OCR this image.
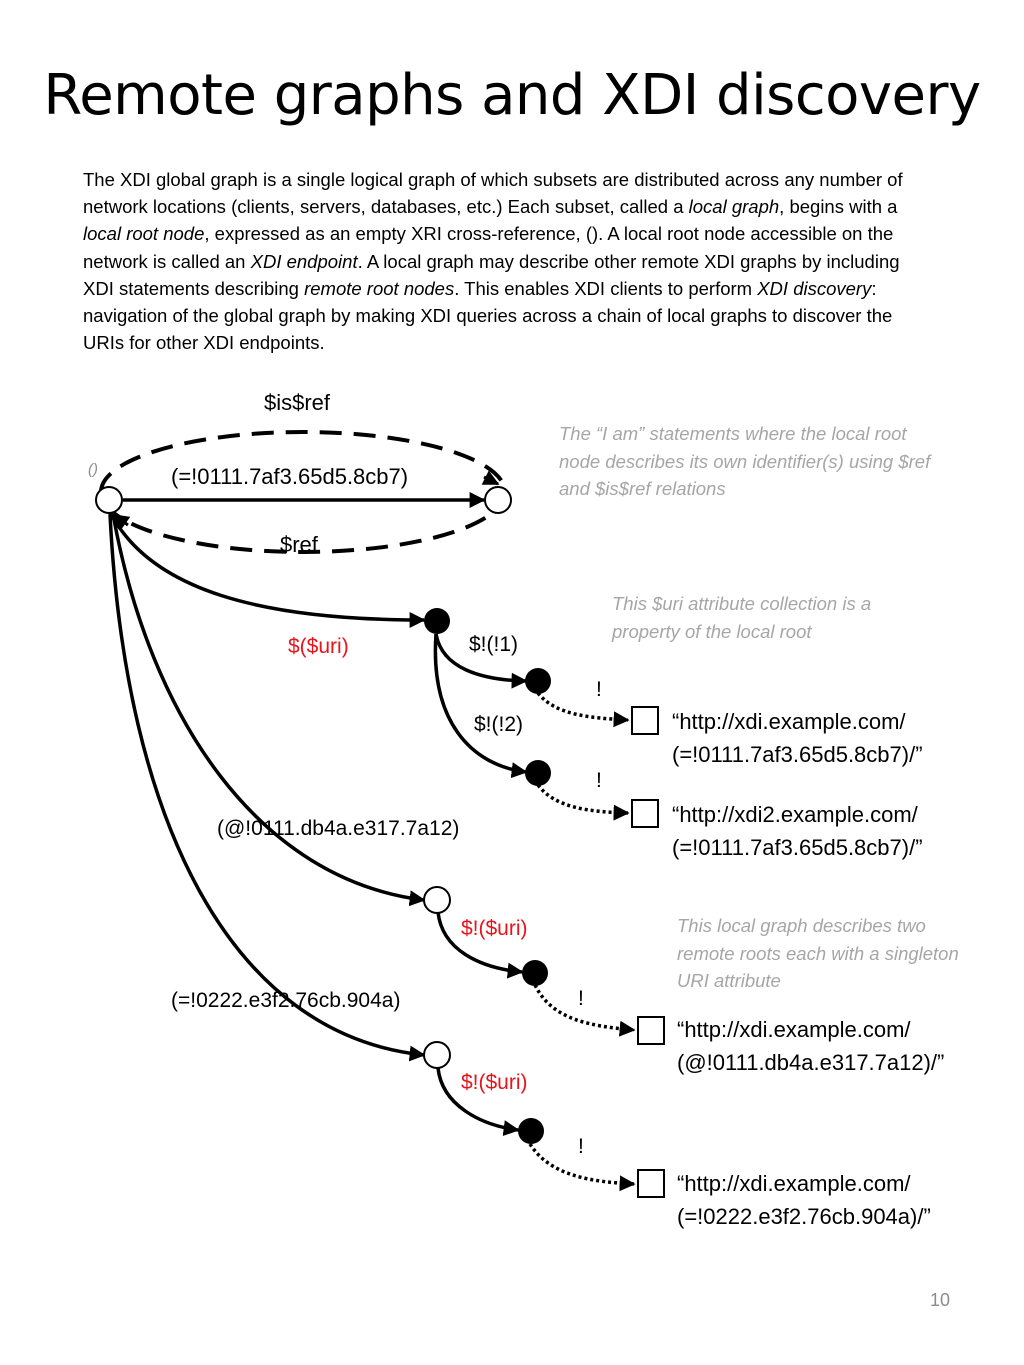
Remote graphs and XDI discovery
The XDI global graph is a single logical graph of which subsets are distributed across any number of network locations (clients, servers, databases, etc.) Each subset, called a local graph, begins with a local root node, expressed as an empty XRI cross-reference, (). A local root node accessible on the network is called an XDI endpoint. A local graph may describe other remote XDI graphs by including XDI statements describing remote root nodes. This enables XDI clients to perform XDI discovery: navigation of the global graph by making XDI queries across a chain of local graphs to discover the URIs for other XDI endpoints.
()
$is$ref
(=!0111.7af3.65d5.8cb7)
$ref
$($uri)	$!(!1)
$!(!2)
!
!
(@!0111.db4a.e317.7a12)
$!($uri)
(=!0222.e3f2.76cb.904a)	!
$!($uri)
!
“http://xdi.example.com/
(=!0111.7af3.65d5.8cb7)/”
“http://xdi2.example.com/
(=!0111.7af3.65d5.8cb7)/”
“http://xdi.example.com/
(@!0111.db4a.e317.7a12)/”
“http://xdi.example.com/
(=!0222.e3f2.76cb.904a)/”
The “I am” statements where the local root node describes its own identifier(s) using $ref and $is$ref relations
This $uri attribute collection is a property of the local root
This local graph describes two remote roots each with a singleton URI attribute
10
